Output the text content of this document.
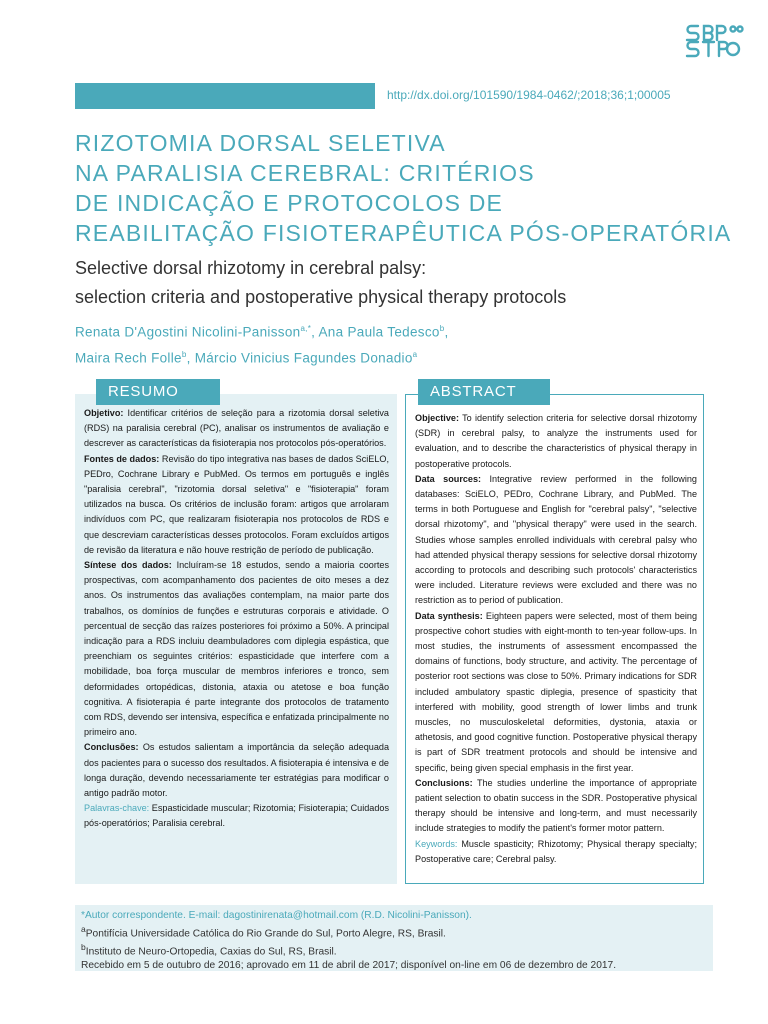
http://dx.doi.org/101590/1984-0462/;2018;36;1;00005
RIZOTOMIA DORSAL SELETIVA
NA PARALISIA CEREBRAL: CRITÉRIOS
DE INDICAÇÃO E PROTOCOLOS DE
REABILITAÇÃO FISIOTERAPÊUTICA PÓS-OPERATÓRIA
Selective dorsal rhizotomy in cerebral palsy:
selection criteria and postoperative physical therapy protocols
Renata D'Agostini Nicolini-Panisson$^{a,*}$, Ana Paula Tedesco$^b$,
Maira Rech Folle$^b$, Márcio Vinicius Fagundes Donadio$^a$

Objetivo: Identificar critérios de seleção para a rizotomia dorsal seletiva (RDS) na paralisia cerebral (PC), analisar os instrumentos de avaliação e descrever as características da fisioterapia nos protocolos pós-operatórios.

Fontes de dados: Revisão do tipo integrativa nas bases de dados SciELO, PEDro, Cochrane Library e PubMed. Os termos em português e inglês "paralisia cerebral", "rizotomia dorsal seletiva" e "fisioterapia" foram utilizados na busca. Os critérios de inclusão foram: artigos que arrolaram indivíduos com PC, que realizaram fisioterapia nos protocolos de RDS e que descreviam características desses protocolos. Foram excluídos artigos de revisão da literatura e não houve restrição de período de publicação.

Síntese dos dados: Incluíram-se 18 estudos, sendo a maioria coortes prospectivas, com acompanhamento dos pacientes de oito meses a dez anos. Os instrumentos das avaliações contemplam, na maior parte dos trabalhos, os domínios de funções e estruturas corporais e atividade. O percentual de secção das raízes posteriores foi próximo a 50%. A principal indicação para a RDS incluiu deambuladores com diplegia espástica, que preenchiam os seguintes critérios: espasticidade que interfere com a mobilidade, boa força muscular de membros inferiores e tronco, sem deformidades ortopédicas, distonia, ataxia ou atetose e boa função cognitiva. A fisioterapia é parte integrante dos protocolos de tratamento com RDS, devendo ser intensiva, específica e enfatizada principalmente no primeiro ano.

Conclusões: Os estudos salientam a importância da seleção adequada dos pacientes para o sucesso dos resultados. A fisioterapia é intensiva e de longa duração, devendo necessariamente ter estratégias para modificar o antigo padrão motor.

Palavras-chave: Espasticidade muscular; Rizotomia; Fisioterapia; Cuidados pós-operatórios; Paralisia cerebral.

RESUMO

Objective: To identify selection criteria for selective dorsal rhizotomy (SDR) in cerebral palsy, to analyze the instruments used for evaluation, and to describe the characteristics of physical therapy in postoperative protocols.

Data sources: Integrative review performed in the following databases: SciELO, PEDro, Cochrane Library, and PubMed. The terms in both Portuguese and English for "cerebral palsy", "selective dorsal rhizotomy", and "physical therapy" were used in the search. Studies whose samples enrolled individuals with cerebral palsy who had attended physical therapy sessions for selective dorsal rhizotomy according to protocols and describing such protocols' characteristics were included. Literature reviews were excluded and there was no restriction as to period of publication.

Data synthesis: Eighteen papers were selected, most of them being prospective cohort studies with eight-month to ten-year follow-ups. In most studies, the instruments of assessment encompassed the domains of functions, body structure, and activity. The percentage of posterior root sections was close to 50%. Primary indications for SDR included ambulatory spastic diplegia, presence of spasticity that interfered with mobility, good strength of lower limbs and trunk muscles, no musculoskeletal deformities, dystonia, ataxia or athetosis, and good cognitive function. Postoperative physical therapy is part of SDR treatment protocols and should be intensive and specific, being given special emphasis in the first year.

Conclusions: The studies underline the importance of appropriate patient selection to obatin success in the SDR. Postoperative physical therapy should be intensive and long-term, and must necessarily include strategies to modify the patient's former motor pattern.

Keywords: Muscle spasticity; Rhizotomy; Physical therapy specialty; Postoperative care; Cerebral palsy.

ABSTRACT
*Autor correspondente. E-mail: dagostinirenata@hotmail.com (R.D. Nicolini-Panisson).
$^a$Pontifícia Universidade Católica do Rio Grande do Sul, Porto Alegre, RS, Brasil.
$^b$Instituto de Neuro-Ortopedia, Caxias do Sul, RS, Brasil.
Recebido em 5 de outubro de 2016; aprovado em 11 de abril de 2017; disponível on-line em 06 de dezembro de 2017.
